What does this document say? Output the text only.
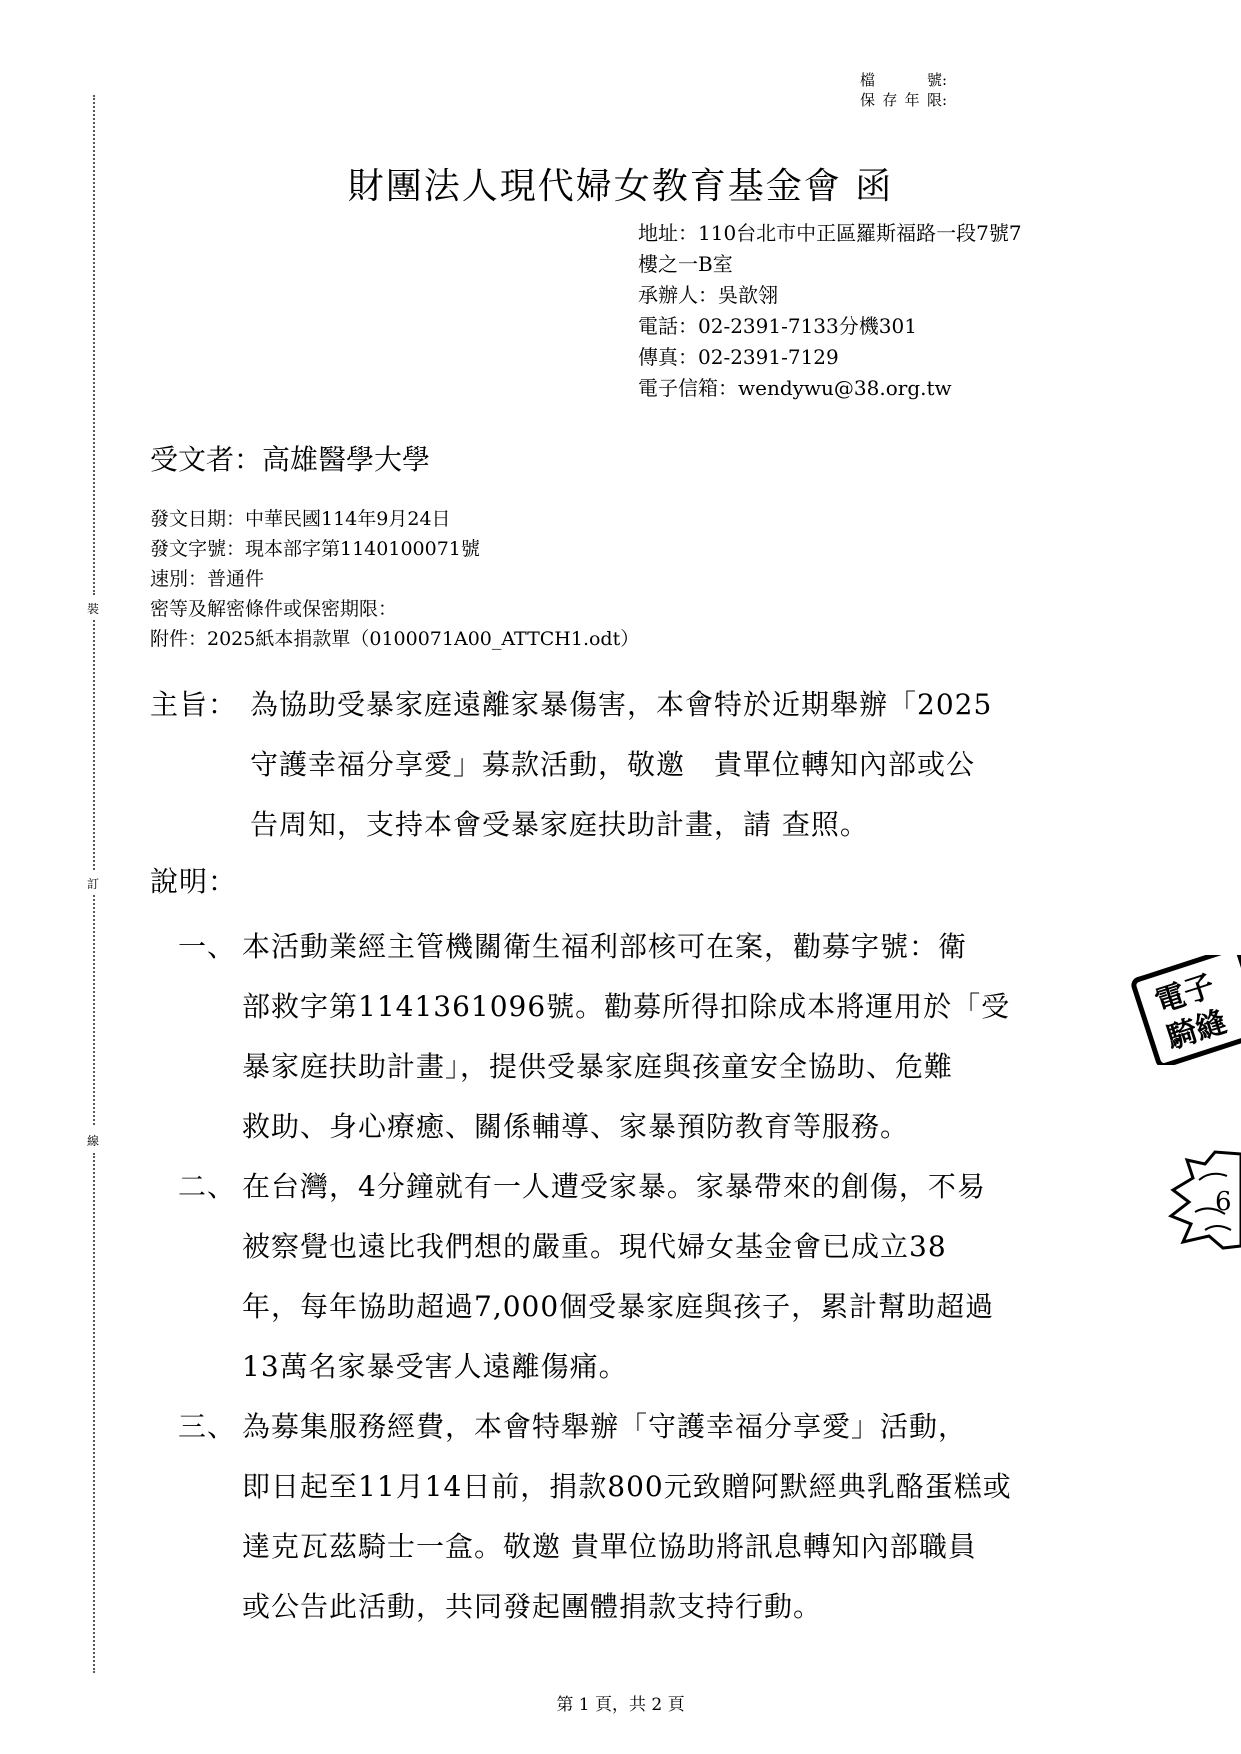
裝
訂
線
檔號:
保存年限:
財團法人現代婦女教育基金會 函
地址：110台北市中正區羅斯福路一段7號7
樓之一B室
承辦人：吳歆翎
電話：02-2391-7133分機301
傳真：02-2391-7129
電子信箱：wendywu@38.org.tw
受文者：高雄醫學大學
發文日期：中華民國114年9月24日
發文字號：現本部字第1140100071號
速別：普通件
密等及解密條件或保密期限：
附件：2025紙本捐款單（0100071A00_ATTCH1.odt）
主旨： 為協助受暴家庭遠離家暴傷害，本會特於近期舉辦「2025
守護幸福分享愛」募款活動，敬邀　貴單位轉知內部或公
告周知，支持本會受暴家庭扶助計畫，請 查照。
說明：
一、 本活動業經主管機關衛生福利部核可在案，勸募字號：衛
部救字第1141361096號。勸募所得扣除成本將運用於「受
暴家庭扶助計畫」，提供受暴家庭與孩童安全協助、危難
救助、身心療癒、關係輔導、家暴預防教育等服務。
二、 在台灣，4分鐘就有一人遭受家暴。家暴帶來的創傷，不易
被察覺也遠比我們想的嚴重。現代婦女基金會已成立38
年，每年協助超過7,000個受暴家庭與孩子，累計幫助超過
13萬名家暴受害人遠離傷痛。
三、 為募集服務經費，本會特舉辦「守護幸福分享愛」活動，
即日起至11月14日前，捐款800元致贈阿默經典乳酪蛋糕或
達克瓦茲騎士一盒。敬邀 貴單位協助將訊息轉知內部職員
或公告此活動，共同發起團體捐款支持行動。
電子
騎縫
6
第 1 頁，共 2 頁
